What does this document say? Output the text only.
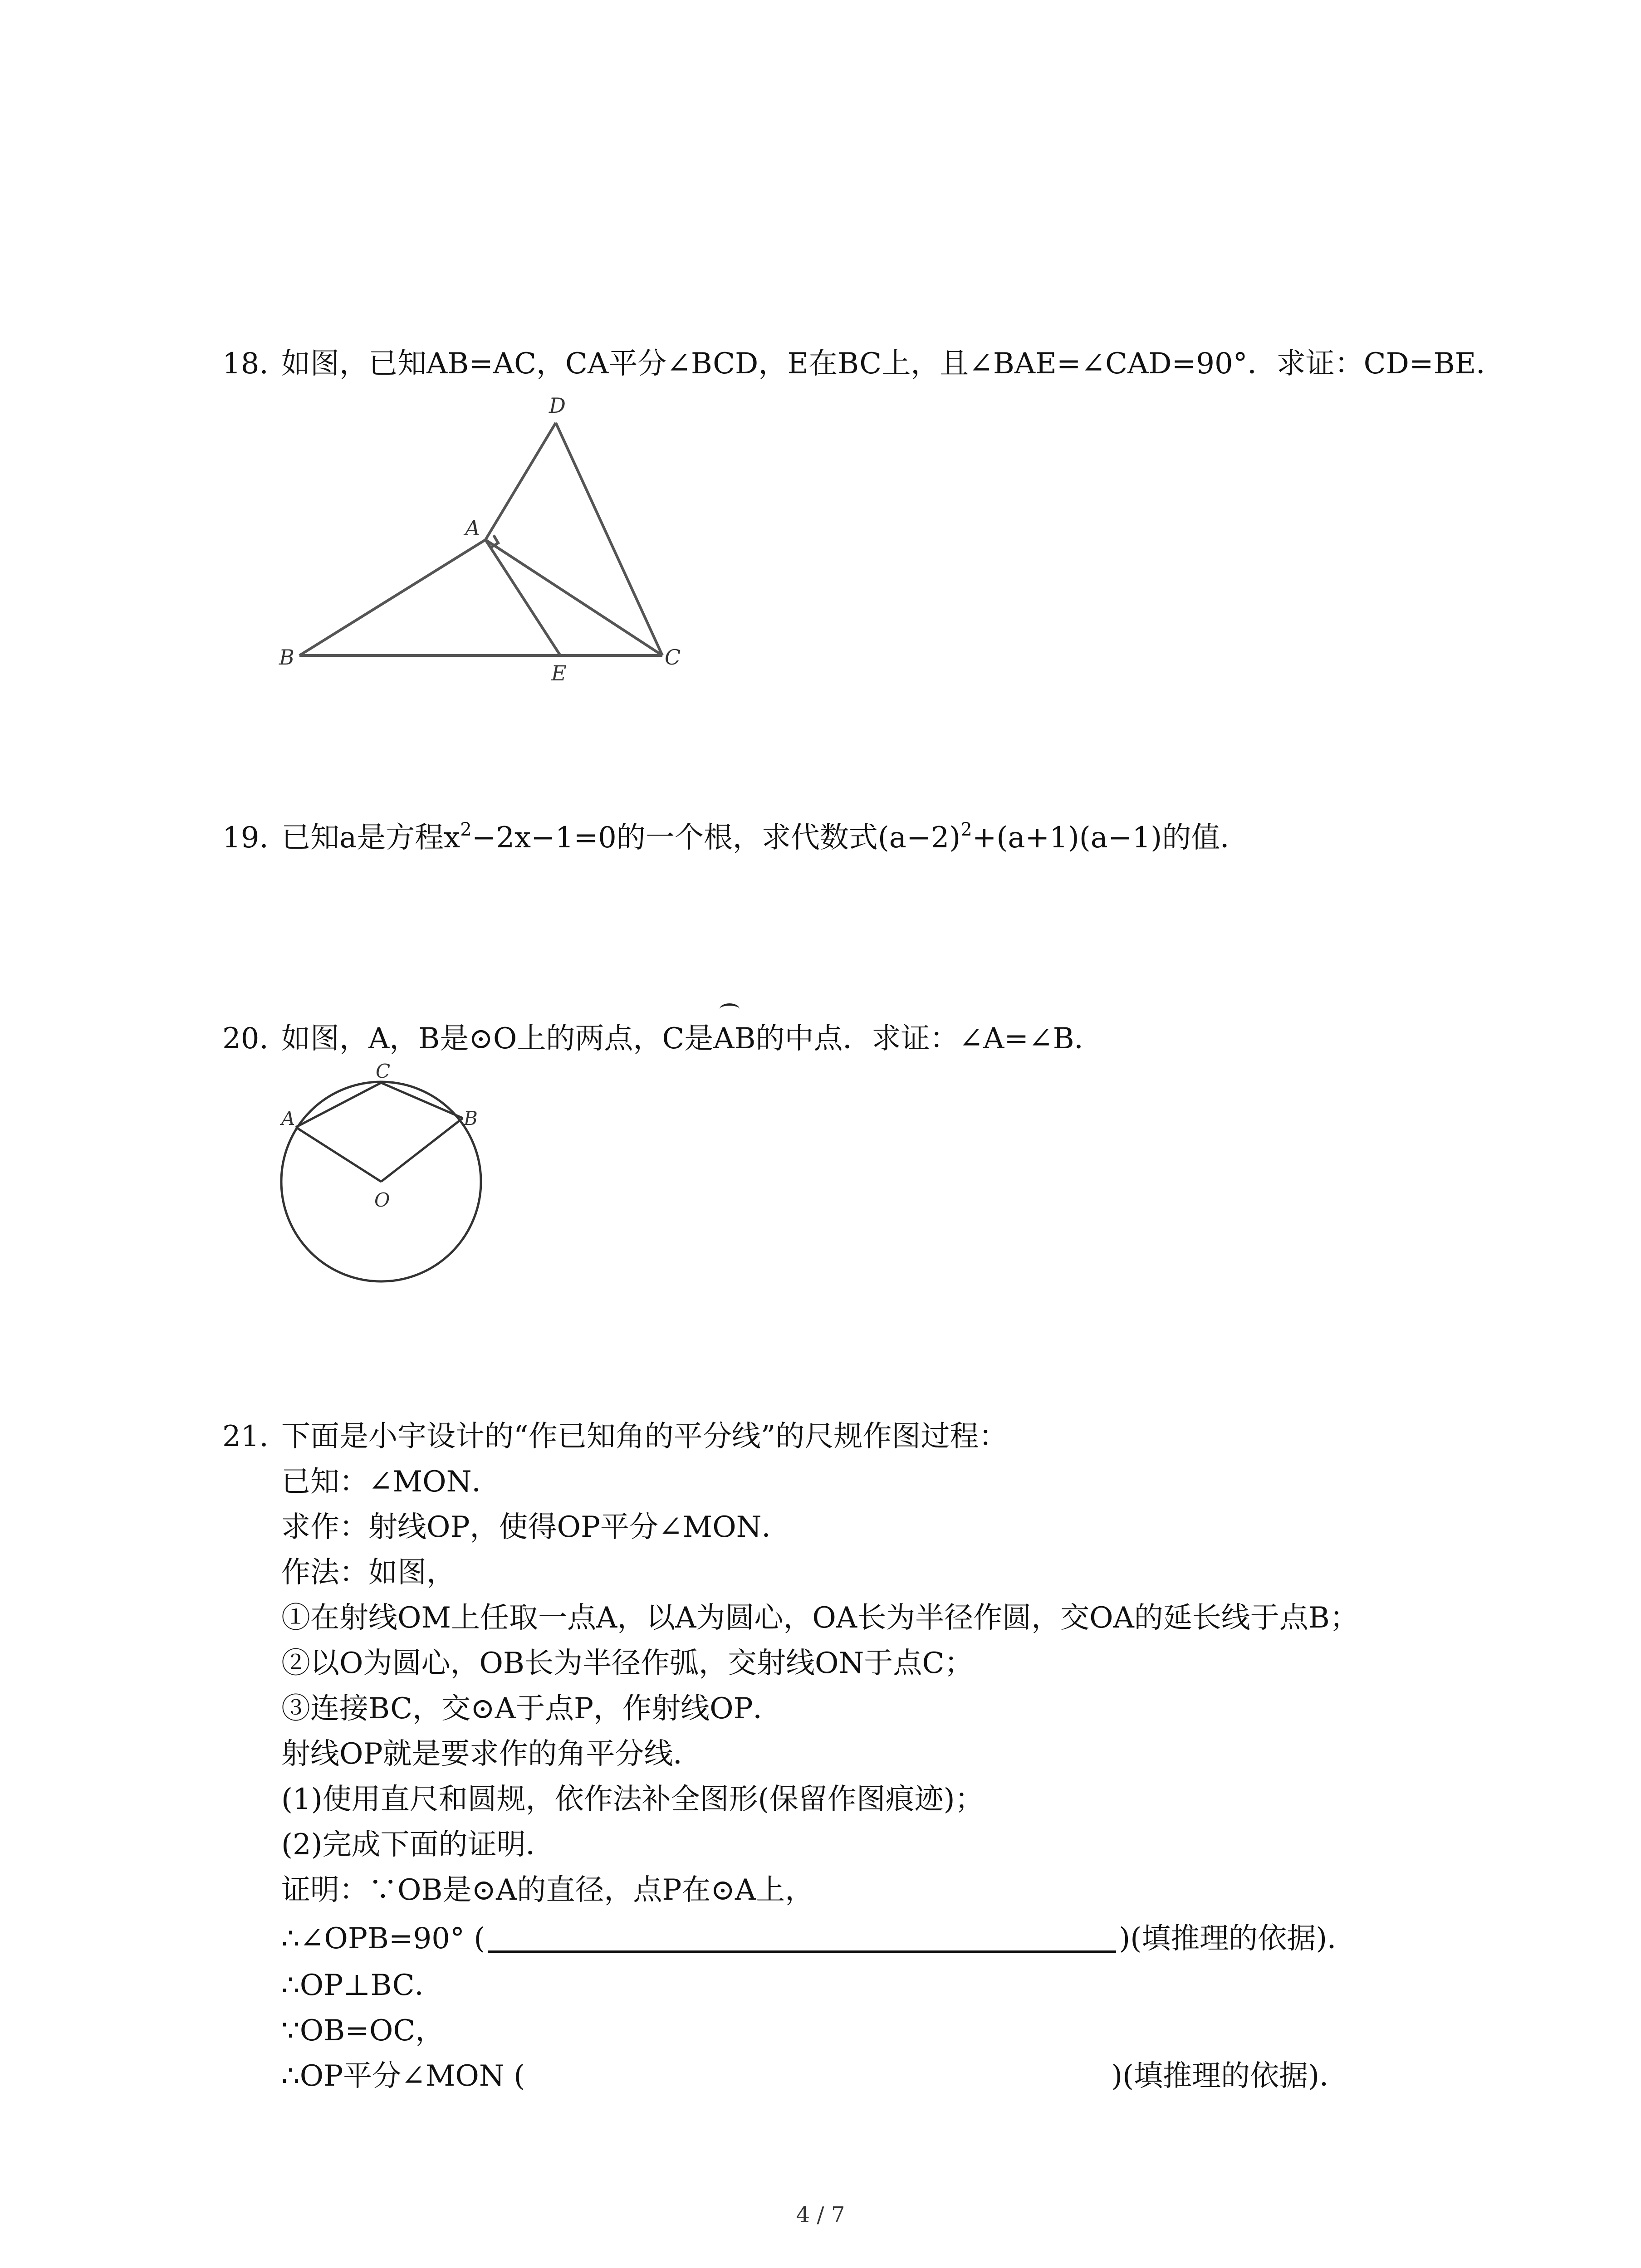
18. 如图，已知AB=AC，CA平分∠BCD，E在BC上，且∠BAE=∠CAD=90°．求证：CD=BE．
D
A
B
E
C
19. 已知a是方程$x^2-2x-1=0$的一个根，求代数式$(a-2)^2+(a+1)(a-1)$的值．
20. 如图，A，B是⊙O上的两点，C是AB的中点．求证：∠A=∠B．
C
A	B
O
21. 下面是小宇设计的“作已知角的平分线”的尺规作图过程：
已知：∠MON．
求作：射线OP，使得OP平分∠MON．
作法：如图，
①在射线OM上任取一点A，以A为圆心，OA长为半径作圆，交OA的延长线于点B；
②以O为圆心，OB长为半径作弧，交射线ON于点C；
③连接BC，交⊙A于点P，作射线OP．
射线OP就是要求作的角平分线．
(1)使用直尺和圆规，依作法补全图形(保留作图痕迹)；
(2)完成下面的证明．
证明：∵OB是⊙A的直径，点P在⊙A上，
∴∠OPB=90° (	)(填推理的依据)．
∴OP⊥BC．
∵OB=OC，
∴OP平分∠MON (	)(填推理的依据)．
4 / 7
